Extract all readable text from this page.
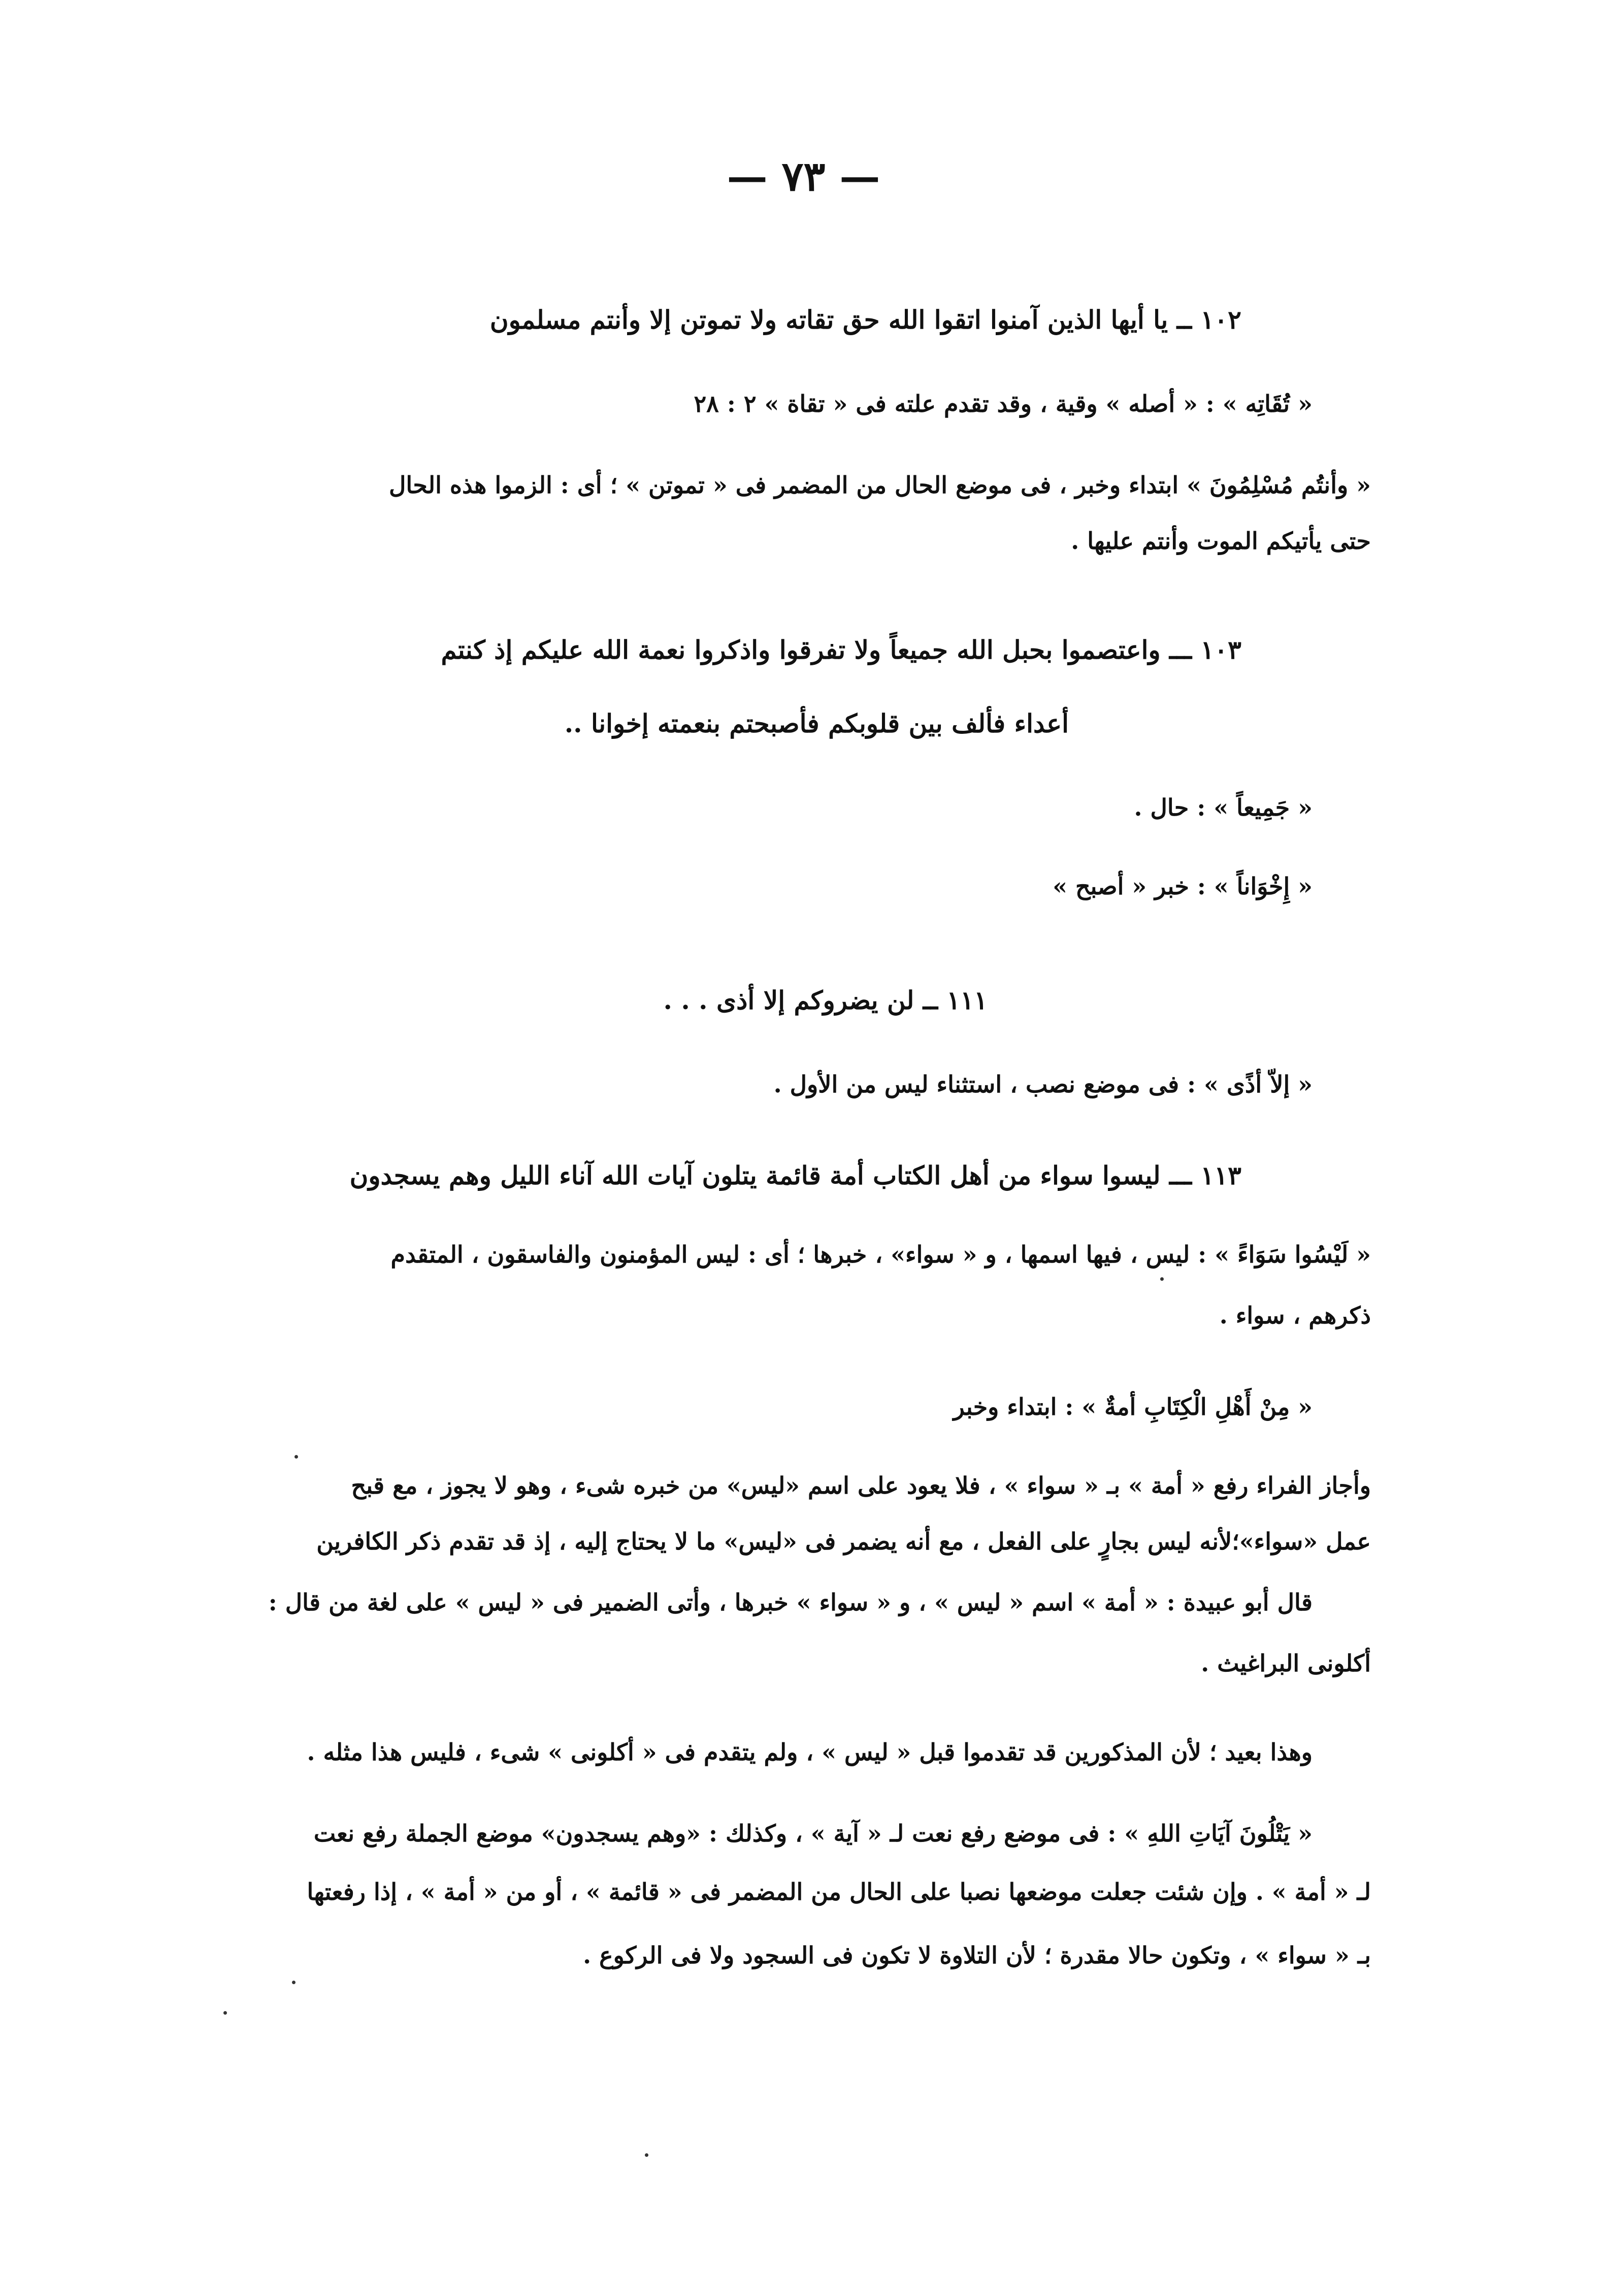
— ٧٣ —
١٠٢ ــ يا أيها الذين آمنوا اتقوا الله حق تقاته ولا تموتن إلا وأنتم مسلمون
« تُقَاتِه » : « أصله » وقية ، وقد تقدم علته فى « تقاة » ٢ : ٢٨
« وأنتُم مُسْلِمُونَ » ابتداء وخبر ، فى موضع الحال من المضمر فى « تموتن » ؛ أى : الزموا هذه الحال
حتى يأتيكم الموت وأنتم عليها .
١٠٣ ـــ واعتصموا بحبل الله جميعاً ولا تفرقوا واذكروا نعمة الله عليكم إذ كنتم
أعداء فألف بين قلوبكم فأصبحتم بنعمته إخوانا ..
« جَمِيعاً » : حال .
« إِخْوَاناً » : خبر « أصبح »
١١١ ــ لن يضروكم إلا أذى . . .
« إلاّ أذًى » : فى موضع نصب ، استثناء ليس من الأول .
١١٣ ـــ ليسوا سواء من أهل الكتاب أمة قائمة يتلون آيات الله آناء الليل وهم يسجدون
« لَيْسُوا سَوَاءً » : ليس ، فيها اسمها ، و « سواء» ، خبرها ؛ أى : ليس المؤمنون والفاسقون ، المتقدم
ذكرهم ، سواء .
« مِنْ أَهْلِ الْكِتَابِ أمةٌ » : ابتداء وخبر
وأجاز الفراء رفع « أمة » بـ « سواء » ، فلا يعود على اسم «ليس» من خبره شىء ، وهو لا يجوز ، مع قبح
عمل «سواء»؛لأنه ليس بجارٍ على الفعل ، مع أنه يضمر فى «ليس» ما لا يحتاج إليه ، إذ قد تقدم ذكر الكافرين
قال أبو عبيدة : « أمة » اسم « ليس » ، و « سواء » خبرها ، وأتى الضمير فى « ليس » على لغة من قال :
أكلونى البراغيث .
وهذا بعيد ؛ لأن المذكورين قد تقدموا قبل « ليس » ، ولم يتقدم فى « أكلونى » شىء ، فليس هذا مثله .
« يَتْلُونَ آيَاتِ اللهِ » : فى موضع رفع نعت لـ « آية » ، وكذلك : «وهم يسجدون» موضع الجملة رفع نعت
لـ « أمة » . وإن شئت جعلت موضعها نصبا على الحال من المضمر فى « قائمة » ، أو من « أمة » ، إذا رفعتها
بـ « سواء » ، وتكون حالا مقدرة ؛ لأن التلاوة لا تكون فى السجود ولا فى الركوع .
